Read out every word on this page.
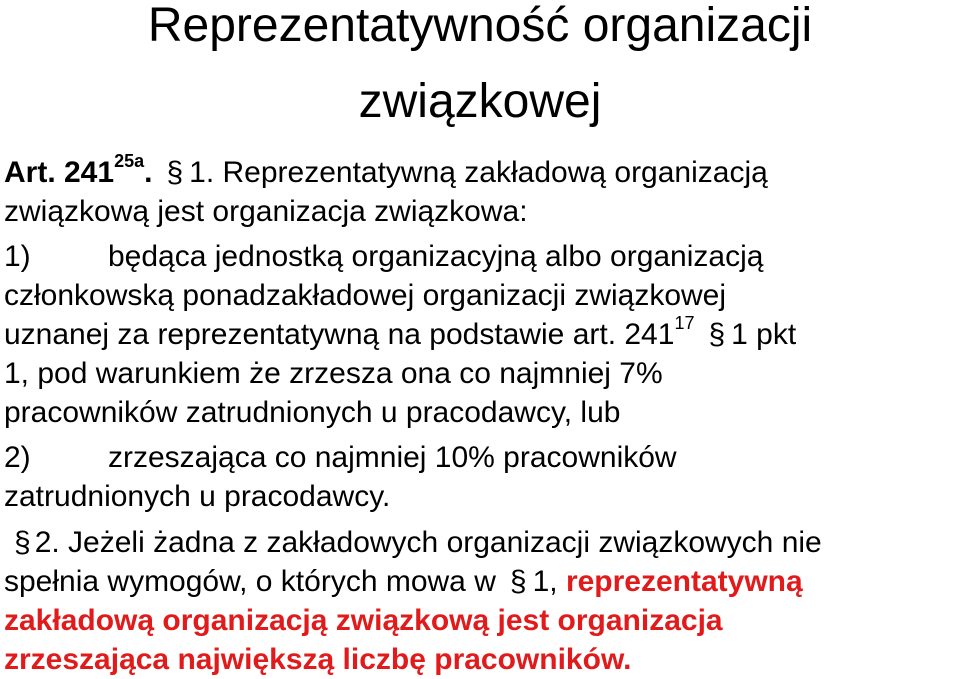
Reprezentatywność organizacji
związkowej
Art. $241^{25a}$. § 1. Reprezentatywną zakładową organizacją
związkową jest organizacja związkowa:
1)	będąca jednostką organizacyjną albo organizacją
członkowską ponadzakładowej organizacji związkowej
uznanej za reprezentatywną na podstawie art. $241^{17}$ § 1 pkt
1, pod warunkiem że zrzesza ona co najmniej 7%
pracowników zatrudnionych u pracodawcy, lub
2)	zrzeszająca co najmniej 10% pracowników
zatrudnionych u pracodawcy.
§ 2. Jeżeli żadna z zakładowych organizacji związkowych nie
spełnia wymogów, o których mowa w § 1, reprezentatywną
zakładową organizacją związkową jest organizacja
zrzeszająca największą liczbę pracowników.
